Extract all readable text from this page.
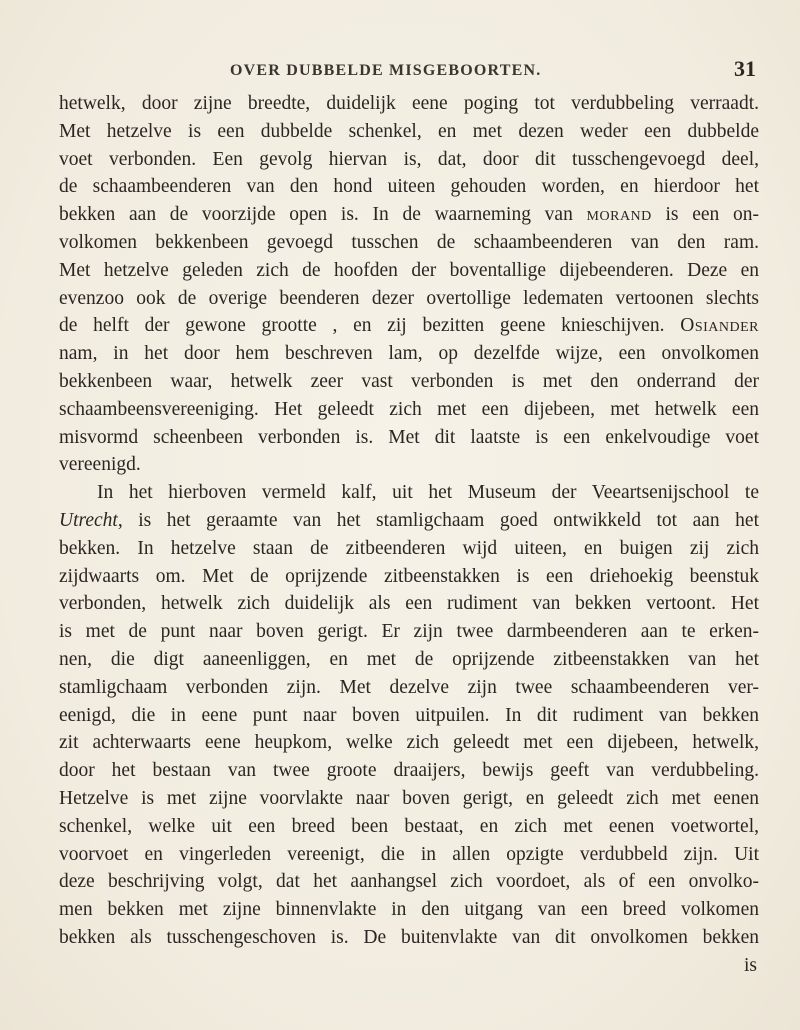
OVER DUBBELDE MISGEBOORTEN.	31
hetwelk, door zijne breedte, duidelijk eene poging tot verdubbeling verraadt.
Met hetzelve is een dubbelde schenkel, en met dezen weder een dubbelde
voet verbonden. Een gevolg hiervan is, dat, door dit tusschengevoegd deel,
de schaambeenderen van den hond uiteen gehouden worden, en hierdoor het
bekken aan de voorzijde open is. In de waarneming van morand is een on-
volkomen bekkenbeen gevoegd tusschen de schaambeenderen van den ram.
Met hetzelve geleden zich de hoofden der boventallige dijebeenderen. Deze en
evenzoo ook de overige beenderen dezer overtollige ledematen vertoonen slechts
de helft der gewone grootte , en zij bezitten geene knieschijven. Osiander
nam, in het door hem beschreven lam, op dezelfde wijze, een onvolkomen
bekkenbeen waar, hetwelk zeer vast verbonden is met den onderrand der
schaambeensvereeniging. Het geleedt zich met een dijebeen, met hetwelk een
misvormd scheenbeen verbonden is. Met dit laatste is een enkelvoudige voet
vereenigd.
In het hierboven vermeld kalf, uit het Museum der Veeartsenijschool te
Utrecht, is het geraamte van het stamligchaam goed ontwikkeld tot aan het
bekken. In hetzelve staan de zitbeenderen wijd uiteen, en buigen zij zich
zijdwaarts om. Met de oprijzende zitbeenstakken is een driehoekig beenstuk
verbonden, hetwelk zich duidelijk als een rudiment van bekken vertoont. Het
is met de punt naar boven gerigt. Er zijn twee darmbeenderen aan te erken-
nen, die digt aaneenliggen, en met de oprijzende zitbeenstakken van het
stamligchaam verbonden zijn. Met dezelve zijn twee schaambeenderen ver-
eenigd, die in eene punt naar boven uitpuilen. In dit rudiment van bekken
zit achterwaarts eene heupkom, welke zich geleedt met een dijebeen, hetwelk,
door het bestaan van twee groote draaijers, bewijs geeft van verdubbeling.
Hetzelve is met zijne voorvlakte naar boven gerigt, en geleedt zich met eenen
schenkel, welke uit een breed been bestaat, en zich met eenen voetwortel,
voorvoet en vingerleden vereenigt, die in allen opzigte verdubbeld zijn. Uit
deze beschrijving volgt, dat het aanhangsel zich voordoet, als of een onvolko-
men bekken met zijne binnenvlakte in den uitgang van een breed volkomen
bekken als tusschengeschoven is. De buitenvlakte van dit onvolkomen bekken
is
